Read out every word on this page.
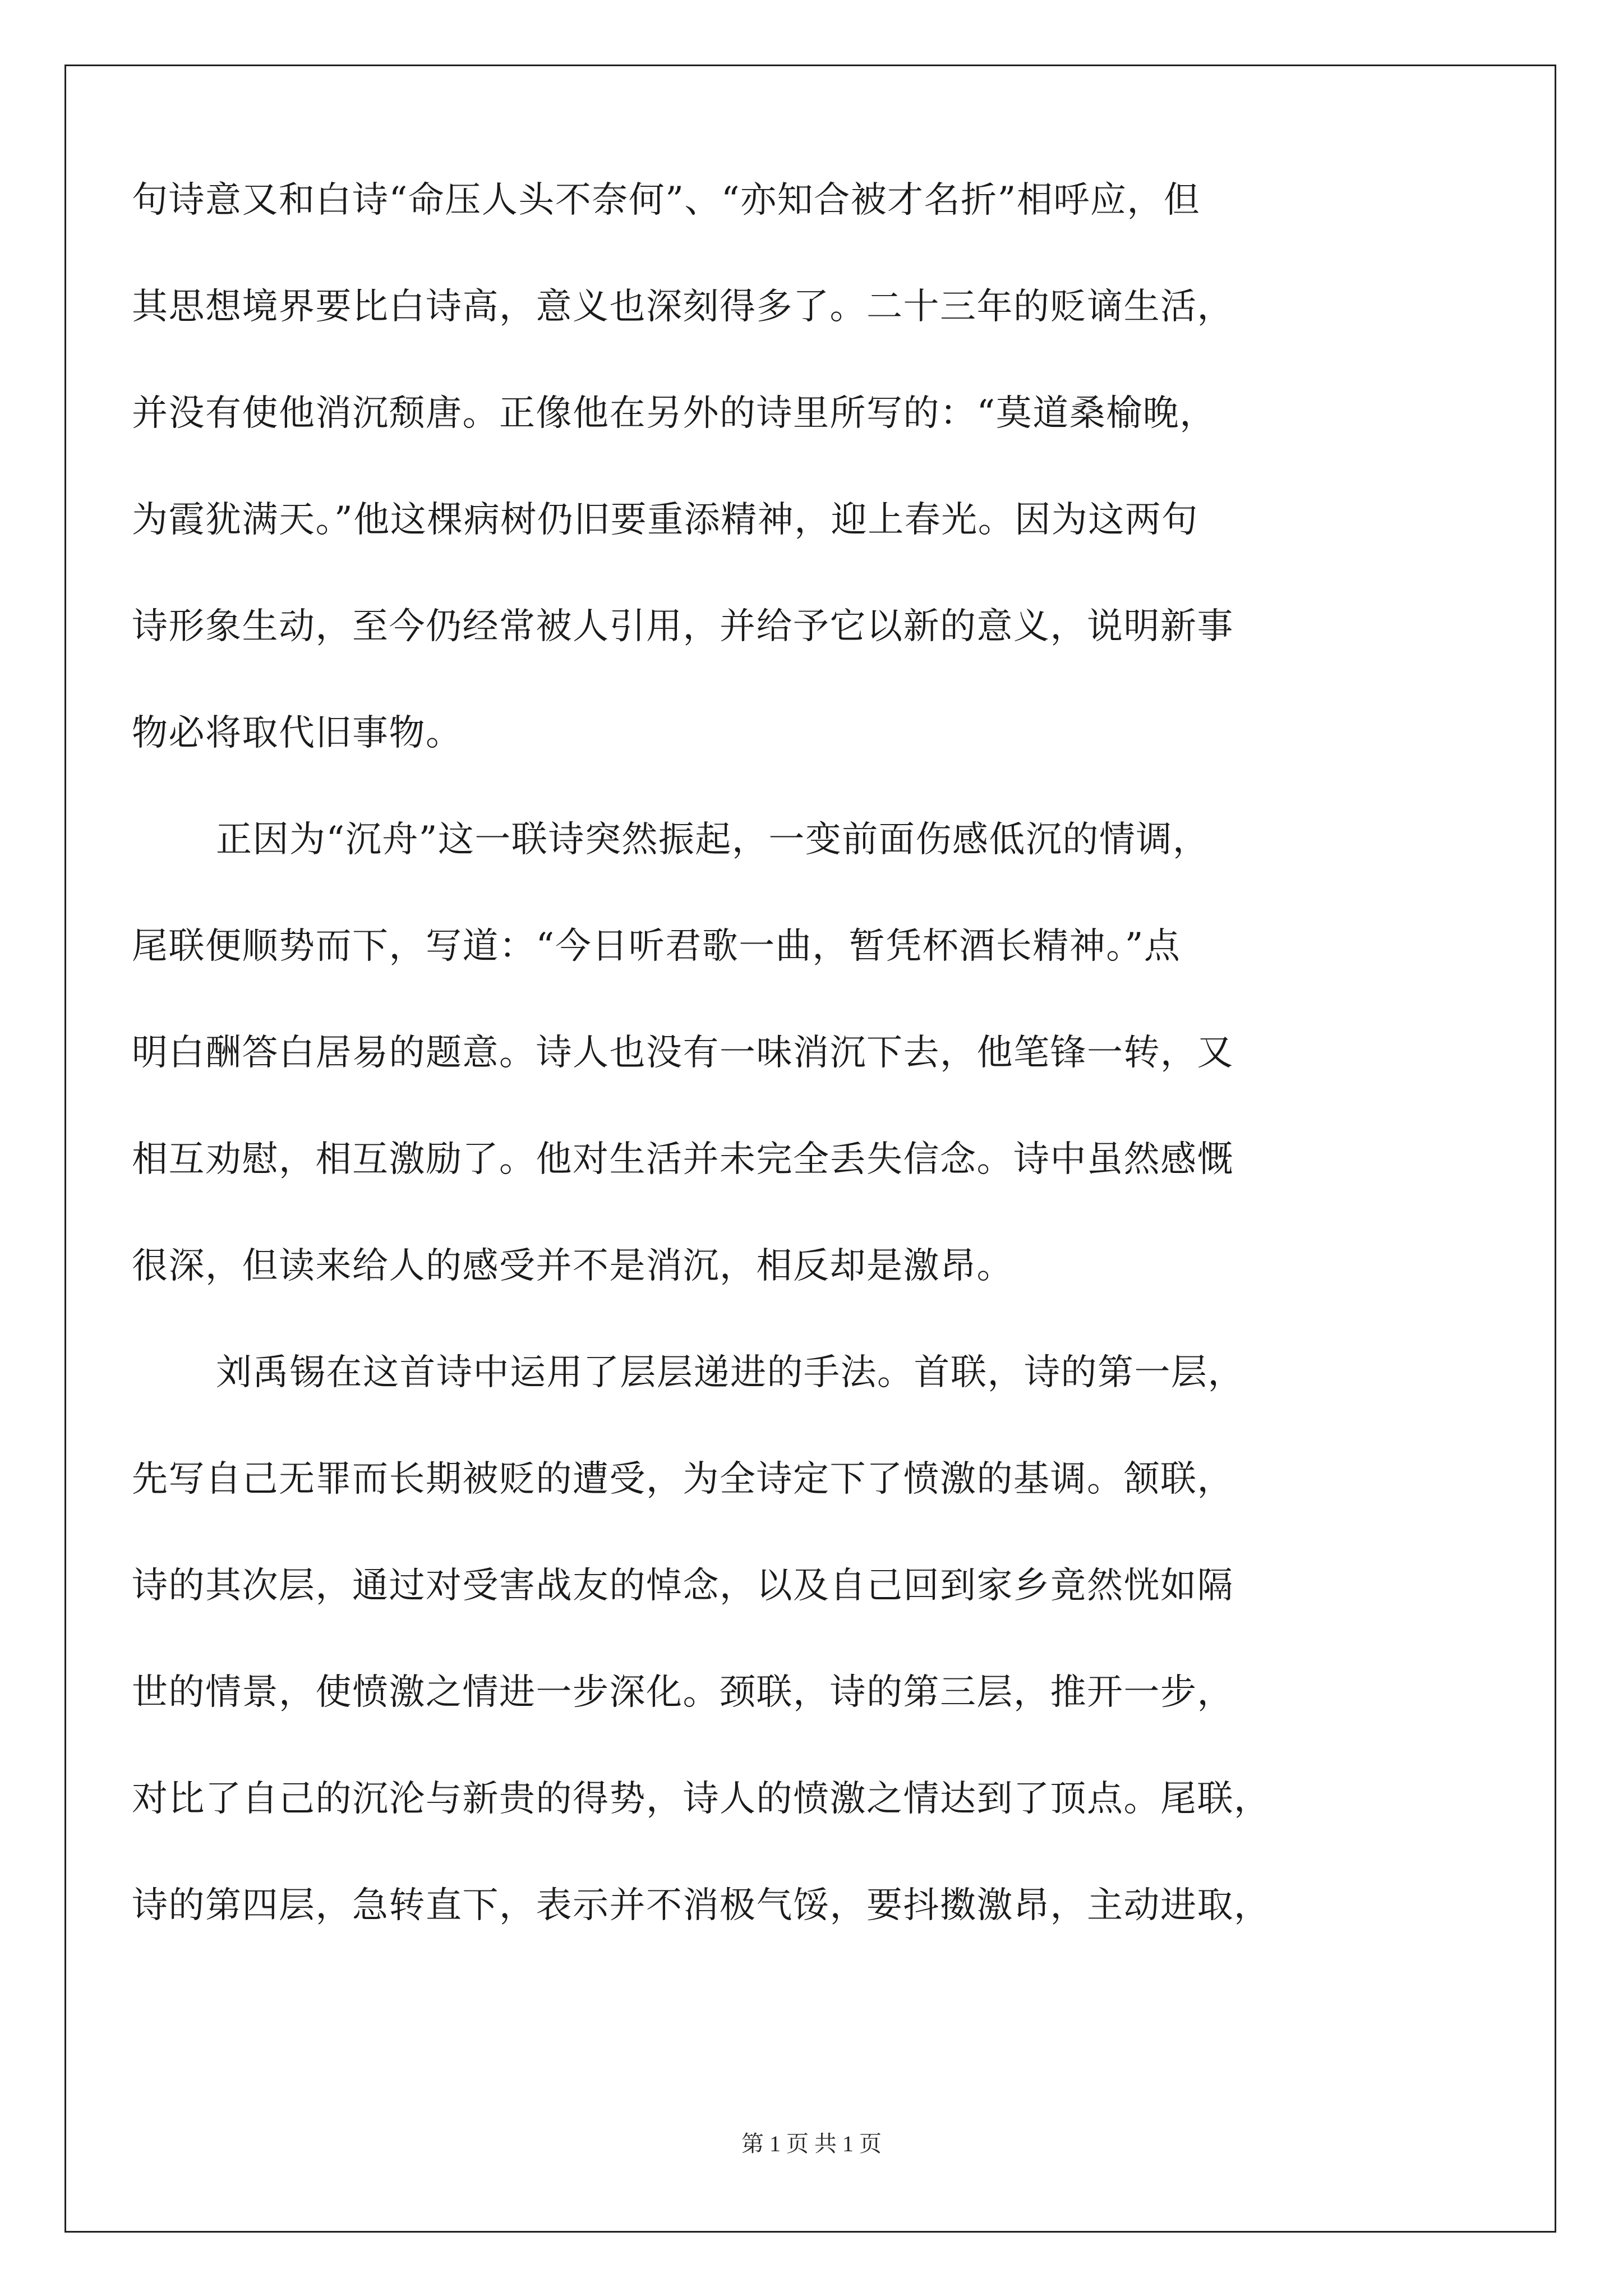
句诗意又和白诗“命压人头不奈何”、“亦知合被才名折”相呼应，但
其思想境界要比白诗高，意义也深刻得多了。二十三年的贬谪生活，
并没有使他消沉颓唐。正像他在另外的诗里所写的：“莫道桑榆晚，
为霞犹满天。”他这棵病树仍旧要重添精神，迎上春光。因为这两句
诗形象生动，至今仍经常被人引用，并给予它以新的意义，说明新事
物必将取代旧事物。
正因为“沉舟”这一联诗突然振起，一变前面伤感低沉的情调，
尾联便顺势而下，写道：“今日听君歌一曲，暂凭杯酒长精神。”点
明白酬答白居易的题意。诗人也没有一味消沉下去，他笔锋一转，又
相互劝慰，相互激励了。他对生活并未完全丢失信念。诗中虽然感慨
很深，但读来给人的感受并不是消沉，相反却是激昂。
刘禹锡在这首诗中运用了层层递进的手法。首联，诗的第一层，
先写自己无罪而长期被贬的遭受，为全诗定下了愤激的基调。颔联，
诗的其次层，通过对受害战友的悼念，以及自己回到家乡竟然恍如隔
世的情景，使愤激之情进一步深化。颈联，诗的第三层，推开一步，
对比了自己的沉沦与新贵的得势，诗人的愤激之情达到了顶点。尾联，
诗的第四层，急转直下，表示并不消极气馁，要抖擞激昂，主动进取，
第 1 页 共 1 页
